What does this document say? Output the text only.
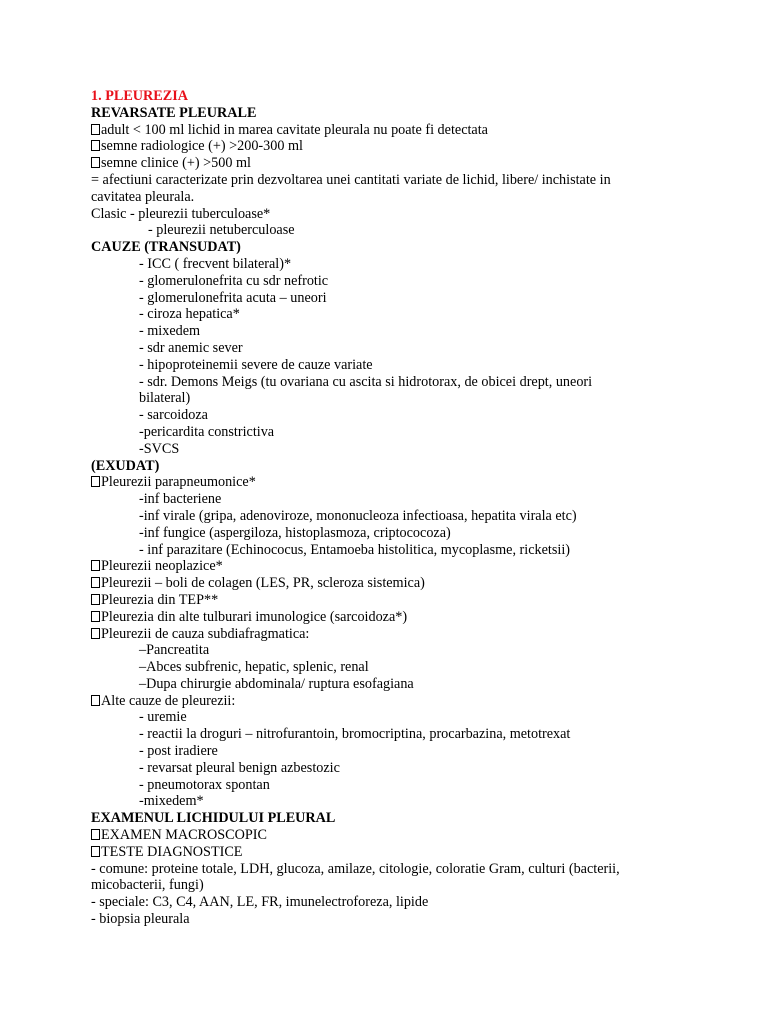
1. PLEUREZIA
REVARSATE PLEURALE
adult < 100 ml lichid in marea cavitate pleurala nu poate fi detectata
semne radiologice (+) >200-300 ml
semne clinice (+) >500 ml
= afectiuni caracterizate prin dezvoltarea unei cantitati variate de lichid, libere/ inchistate in
cavitatea pleurala.
Clasic - pleurezii tuberculoase*
- pleurezii netuberculoase
CAUZE (TRANSUDAT)
- ICC ( frecvent bilateral)*
- glomerulonefrita cu sdr nefrotic
- glomerulonefrita acuta – uneori
- ciroza hepatica*
- mixedem
- sdr anemic sever
- hipoproteinemii severe de cauze variate
- sdr. Demons Meigs (tu ovariana cu ascita si hidrotorax, de obicei drept, uneori
bilateral)
- sarcoidoza
-pericardita constrictiva
-SVCS
(EXUDAT)
Pleurezii parapneumonice*
-inf bacteriene
-inf virale (gripa, adenoviroze, mononucleoza infectioasa, hepatita virala etc)
-inf fungice (aspergiloza, histoplasmoza, criptococoza)
- inf parazitare (Echinococus, Entamoeba histolitica, mycoplasme, ricketsii)
Pleurezii neoplazice*
Pleurezii – boli de colagen (LES, PR, scleroza sistemica)
Pleurezia din TEP**
Pleurezia din alte tulburari imunologice (sarcoidoza*)
Pleurezii de cauza subdiafragmatica:
–Pancreatita
–Abces subfrenic, hepatic, splenic, renal
–Dupa chirurgie abdominala/ ruptura esofagiana
Alte cauze de pleurezii:
- uremie
- reactii la droguri – nitrofurantoin, bromocriptina, procarbazina, metotrexat
- post iradiere
- revarsat pleural benign azbestozic
- pneumotorax spontan
-mixedem*
EXAMENUL LICHIDULUI PLEURAL
EXAMEN MACROSCOPIC
TESTE DIAGNOSTICE
- comune: proteine totale, LDH, glucoza, amilaze, citologie, coloratie Gram, culturi (bacterii,
micobacterii, fungi)
- speciale: C3, C4, AAN, LE, FR, imunelectroforeza, lipide
- biopsia pleurala
